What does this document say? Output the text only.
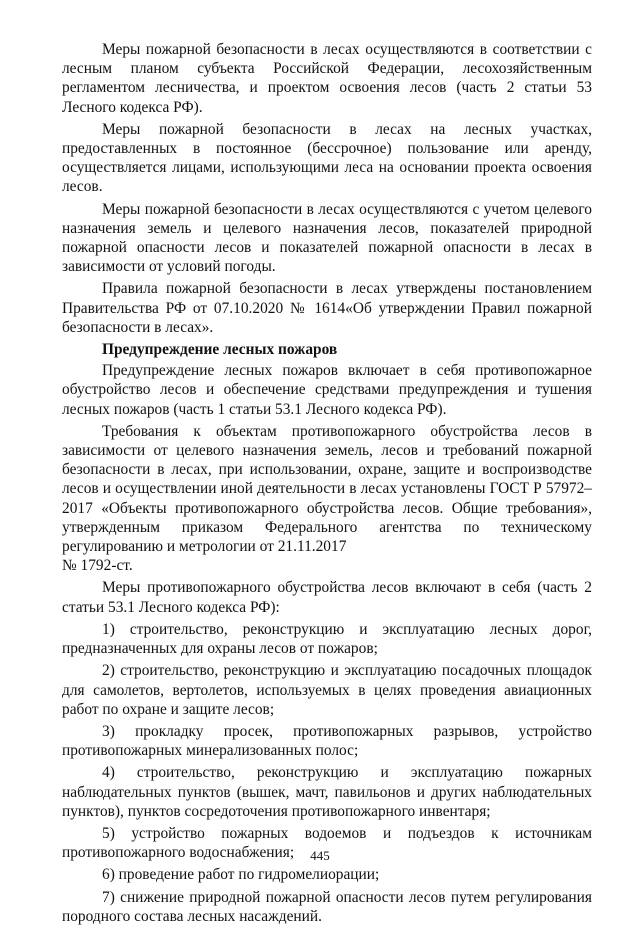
Меры пожарной безопасности в лесах осуществляются в соответствии с лесным планом субъекта Российской Федерации, лесохозяйственным регламентом лесничества, и проектом освоения лесов (часть 2 статьи 53 Лесного кодекса РФ).

Меры пожарной безопасности в лесах на лесных участках, предоставленных в постоянное (бессрочное) пользование или аренду, осуществляется лицами, использующими леса на основании проекта освоения лесов.

Меры пожарной безопасности в лесах осуществляются с учетом целевого назначения земель и целевого назначения лесов, показателей природной пожарной опасности лесов и показателей пожарной опасности в лесах в зависимости от условий погоды.

Правила пожарной безопасности в лесах утверждены постановлением Правительства РФ от 07.10.2020 № 1614«Об утверждении Правил пожарной безопасности в лесах».

Предупреждение лесных пожаров

Предупреждение лесных пожаров включает в себя противопожарное обустройство лесов и обеспечение средствами предупреждения и тушения лесных пожаров (часть 1 статьи 53.1 Лесного кодекса РФ).

Требования к объектам противопожарного обустройства лесов в зависимости от целевого назначения земель, лесов и требований пожарной безопасности в лесах, при использовании, охране, защите и воспроизводстве лесов и осуществлении иной деятельности в лесах установлены ГОСТ Р 57972–2017 «Объекты противопожарного обустройства лесов. Общие требования», утвержденным приказом Федерального агентства по техническому регулированию и метрологии от 21.11.2017

№ 1792-ст.

Меры противопожарного обустройства лесов включают в себя (часть 2 статьи 53.1 Лесного кодекса РФ):

1) строительство, реконструкцию и эксплуатацию лесных дорог, предназначенных для охраны лесов от пожаров;

2) строительство, реконструкцию и эксплуатацию посадочных площадок для самолетов, вертолетов, используемых в целях проведения авиационных работ по охране и защите лесов;

3) прокладку просек, противопожарных разрывов, устройство противопожарных минерализованных полос;

4) строительство, реконструкцию и эксплуатацию пожарных наблюдательных пунктов (вышек, мачт, павильонов и других наблюдательных пунктов), пунктов сосредоточения противопожарного инвентаря;

5) устройство пожарных водоемов и подъездов к источникам противопожарного водоснабжения;

6) проведение работ по гидромелиорации;

7) снижение природной пожарной опасности лесов путем регулирования породного состава лесных насаждений.

445
